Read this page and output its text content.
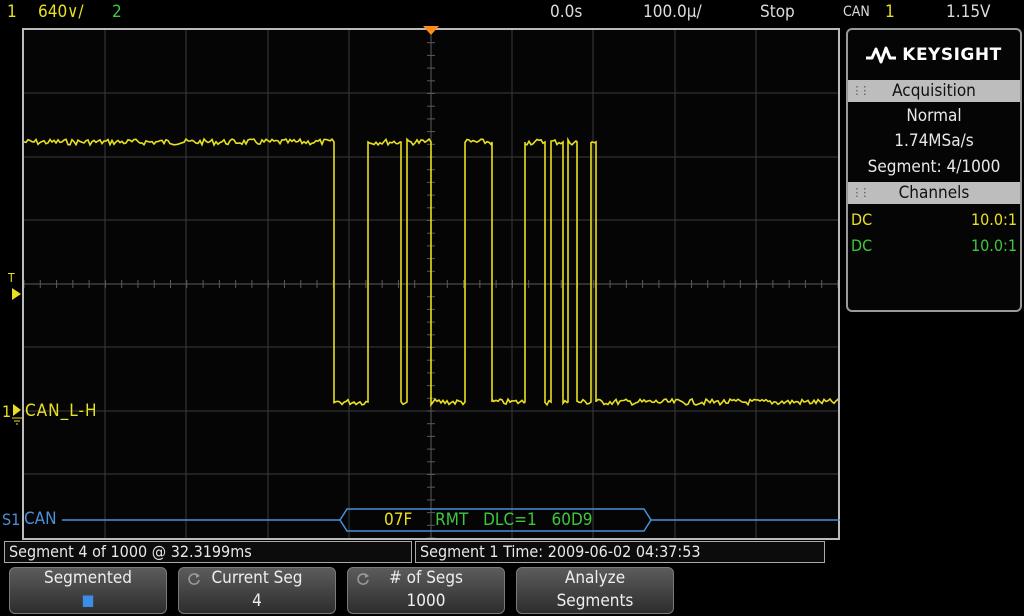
1 640∨/ 2	0.0s	100.0µ/	Stop	CAN 1	1.15V
T
1 CAN_L-H
S1 CAN	07F RMT DLC=1 60D9
KEYSIGHT
⋮⋮ Acquisition
Normal
1.74MSa/s
Segment: 4/1000
⋮⋮ Channels
DC	10.0:1
DC	10.0:1
Segment 4 of 1000 @ 32.3199ms	Segment 1 Time: 2009-06-02 04:37:53
Segmented
■
Current Seg
4
# of Segs
1000
Analyze
Segments
